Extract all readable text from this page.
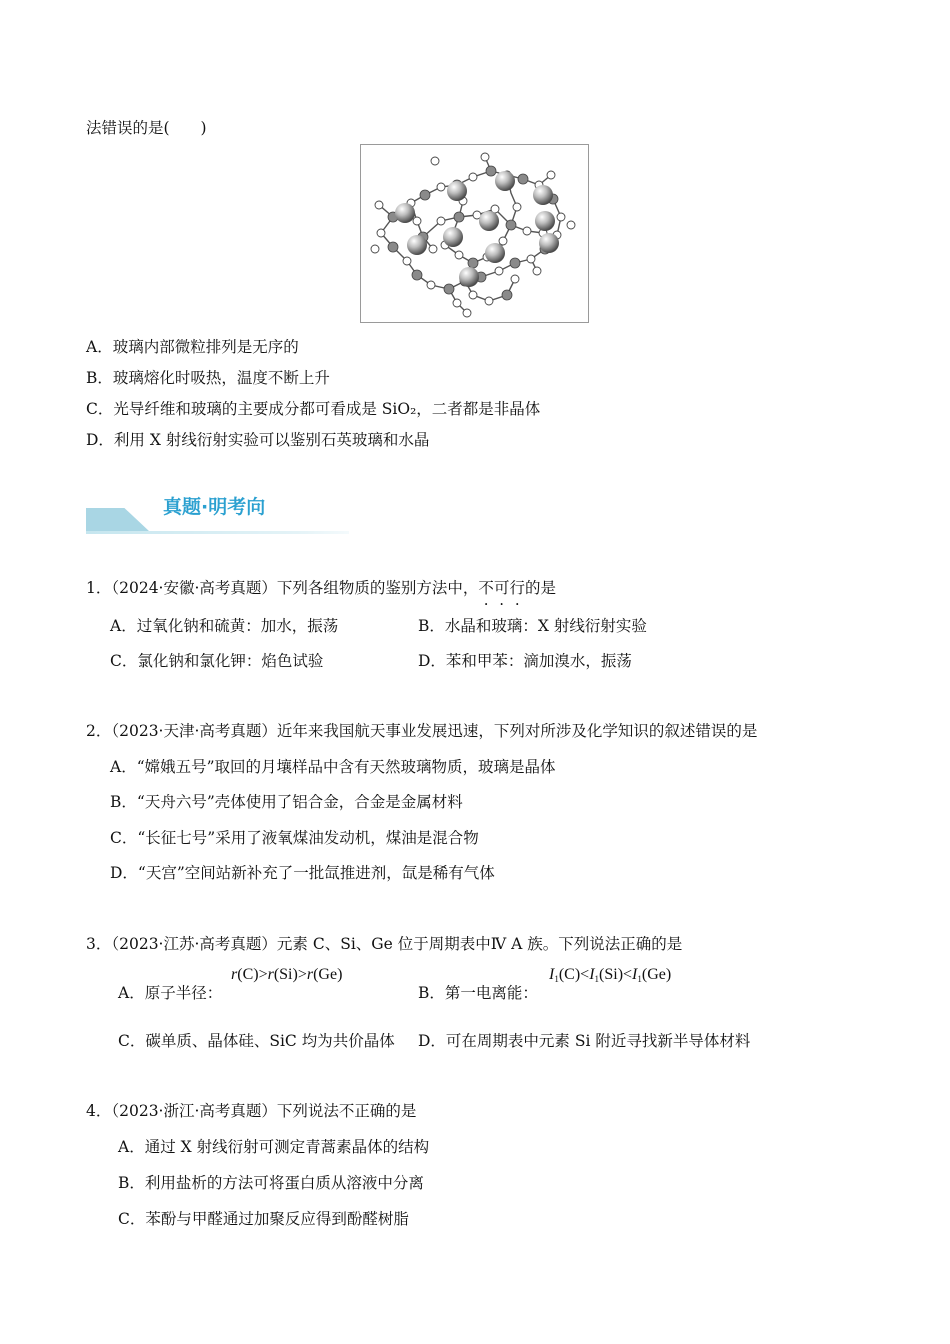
法错误的是(　　)
A．玻璃内部微粒排列是无序的
B．玻璃熔化时吸热，温度不断上升
C．光导纤维和玻璃的主要成分都可看成是 SiO₂，二者都是非晶体
D．利用 X 射线衍射实验可以鉴别石英玻璃和水晶
真题·明考向
1．（2024·安徽·高考真题）下列各组物质的鉴别方法中，不可行的是
A．过氧化钠和硫黄：加水，振荡	B．水晶和玻璃：X 射线衍射实验
C．氯化钠和氯化钾：焰色试验	D．苯和甲苯：滴加溴水，振荡
2．（2023·天津·高考真题）近年来我国航天事业发展迅速，下列对所涉及化学知识的叙述错误的是
A．“嫦娥五号”取回的月壤样品中含有天然玻璃物质，玻璃是晶体
B．“天舟六号”壳体使用了铝合金，合金是金属材料
C．“长征七号”采用了液氧煤油发动机，煤油是混合物
D．“天宫”空间站新补充了一批氙推进剂，氙是稀有气体
3．（2023·江苏·高考真题）元素 C、Si、Ge 位于周期表中Ⅳ A 族。下列说法正确的是
A．原子半径：
r(C)>r(Si)>r(Ge)
B．第一电离能：
$I_1(C)<I_1(Si)<I_1(Ge)$
C．碳单质、晶体硅、SiC 均为共价晶体 D．可在周期表中元素 Si 附近寻找新半导体材料
4．（2023·浙江·高考真题）下列说法不正确的是
A．通过 X 射线衍射可测定青蒿素晶体的结构
B．利用盐析的方法可将蛋白质从溶液中分离
C．苯酚与甲醛通过加聚反应得到酚醛树脂
